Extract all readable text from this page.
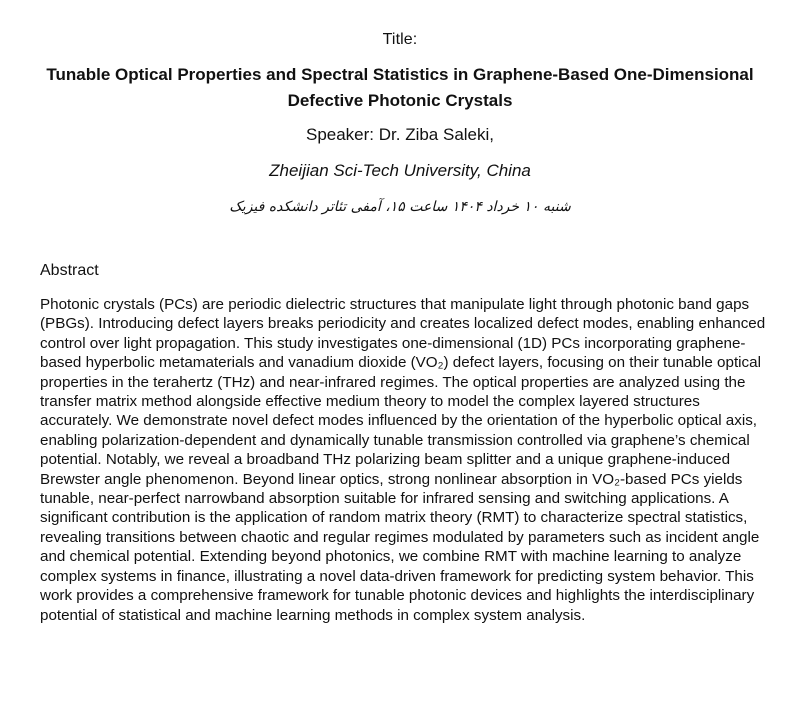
Title:

Tunable Optical Properties and Spectral Statistics in Graphene-Based One-Dimensional Defective Photonic Crystals

Speaker: Dr. Ziba Saleki,

Zheijian Sci-Tech University, China

شنبه ۱۰ خرداد ۱۴۰۴ ساعت ۱۵، آمفی تئاتر دانشکده فیزیک

Abstract

Photonic crystals (PCs) are periodic dielectric structures that manipulate light through photonic band gaps (PBGs). Introducing defect layers breaks periodicity and creates localized defect modes, enabling enhanced control over light propagation. This study investigates one-dimensional (1D) PCs incorporating graphene-based hyperbolic metamaterials and vanadium dioxide (VO₂) defect layers, focusing on their tunable optical properties in the terahertz (THz) and near-infrared regimes. The optical properties are analyzed using the transfer matrix method alongside effective medium theory to model the complex layered structures accurately. We demonstrate novel defect modes influenced by the orientation of the hyperbolic optical axis, enabling polarization-dependent and dynamically tunable transmission controlled via graphene’s chemical potential. Notably, we reveal a broadband THz polarizing beam splitter and a unique graphene-induced Brewster angle phenomenon. Beyond linear optics, strong nonlinear absorption in VO₂-based PCs yields tunable, near-perfect narrowband absorption suitable for infrared sensing and switching applications. A significant contribution is the application of random matrix theory (RMT) to characterize spectral statistics, revealing transitions between chaotic and regular regimes modulated by parameters such as incident angle and chemical potential. Extending beyond photonics, we combine RMT with machine learning to analyze complex systems in finance, illustrating a novel data-driven framework for predicting system behavior. This work provides a comprehensive framework for tunable photonic devices and highlights the interdisciplinary potential of statistical and machine learning methods in complex system analysis.
